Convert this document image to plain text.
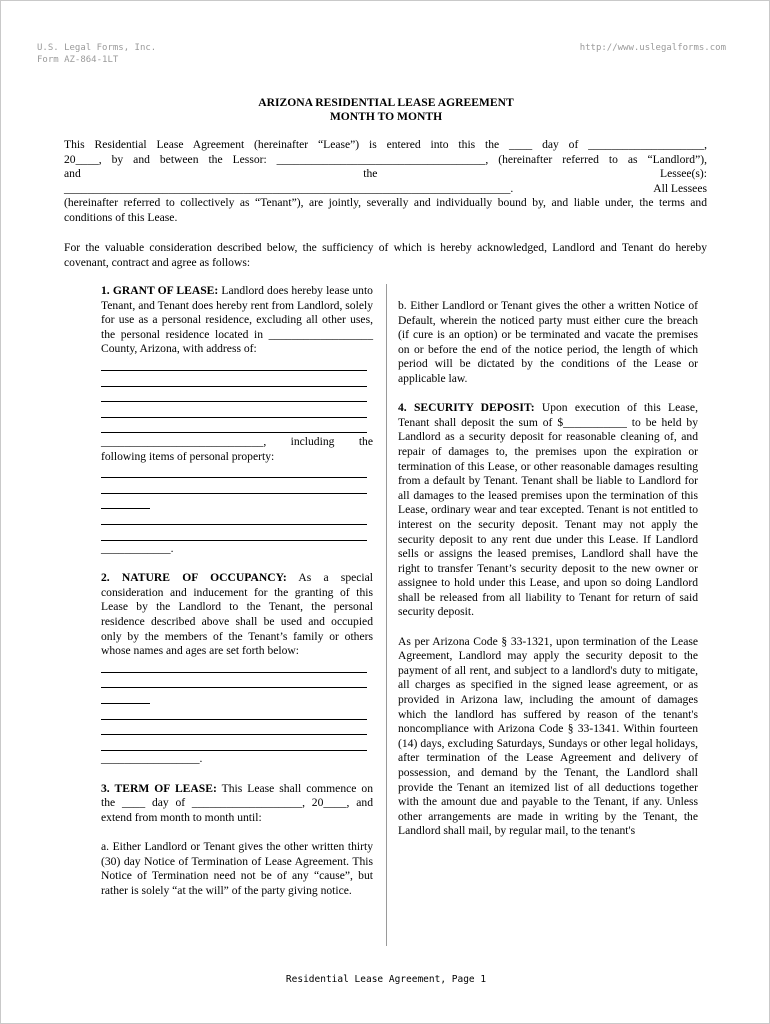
U.S. Legal Forms, Inc.
Form AZ-864-1LT
http://www.uslegalforms.com
ARIZONA RESIDENTIAL LEASE AGREEMENT
MONTH TO MONTH
This Residential Lease Agreement (hereinafter “Lease”) is entered into this the ____ day of ____________________,
20____, by and between the Lessor: ____________________________________, (hereinafter referred to as “Landlord”),
and	the	Lessee(s):
_____________________________________________________________________________.	All Lessees
(hereinafter referred to collectively as “Tenant”), are jointly, severally and individually bound by, and liable under, the terms and conditions of this Lease.
For the valuable consideration described below, the sufficiency of which is hereby acknowledged, Landlord and Tenant do hereby covenant, contract and agree as follows:

1. GRANT OF LEASE: Landlord does hereby lease unto Tenant, and Tenant does hereby rent from Landlord, solely for use as a personal residence, excluding all other uses, the personal residence located in __________________ County, Arizona, with address of:

____________________________, including the following items of personal property:

____________.

2. NATURE OF OCCUPANCY: As a special consideration and inducement for the granting of this Lease by the Landlord to the Tenant, the personal residence described above shall be used and occupied only by the members of the Tenant’s family or others whose names and ages are set forth below:

_________________.

3. TERM OF LEASE: This Lease shall commence on the ____ day of ___________________, 20____, and extend from month to month until:

a. Either Landlord or Tenant gives the other written thirty (30) day Notice of Termination of Lease Agreement. This Notice of Termination need not be of any “cause”, but rather is solely “at the will” of the party giving notice.

b. Either Landlord or Tenant gives the other a written Notice of Default, wherein the noticed party must either cure the breach (if cure is an option) or be terminated and vacate the premises on or before the end of the notice period, the length of which period will be dictated by the conditions of the Lease or applicable law.

4. SECURITY DEPOSIT: Upon execution of this Lease, Tenant shall deposit the sum of $___________ to be held by Landlord as a security deposit for reasonable cleaning of, and repair of damages to, the premises upon the expiration or termination of this Lease, or other reasonable damages resulting from a default by Tenant. Tenant shall be liable to Landlord for all damages to the leased premises upon the termination of this Lease, ordinary wear and tear excepted. Tenant is not entitled to interest on the security deposit. Tenant may not apply the security deposit to any rent due under this Lease. If Landlord sells or assigns the leased premises, Landlord shall have the right to transfer Tenant’s security deposit to the new owner or assignee to hold under this Lease, and upon so doing Landlord shall be released from all liability to Tenant for return of said security deposit.

As per Arizona Code § 33-1321, upon termination of the Lease Agreement, Landlord may apply the security deposit to the payment of all rent, and subject to a landlord's duty to mitigate, all charges as specified in the signed lease agreement, or as provided in Arizona law, including the amount of damages which the landlord has suffered by reason of the tenant's noncompliance with Arizona Code § 33-1341. Within fourteen (14) days, excluding Saturdays, Sundays or other legal holidays, after termination of the Lease Agreement and delivery of possession, and demand by the Tenant, the Landlord shall provide the Tenant an itemized list of all deductions together with the amount due and payable to the Tenant, if any. Unless other arrangements are made in writing by the Tenant, the Landlord shall mail, by regular mail, to the tenant's

Residential Lease Agreement, Page 1
